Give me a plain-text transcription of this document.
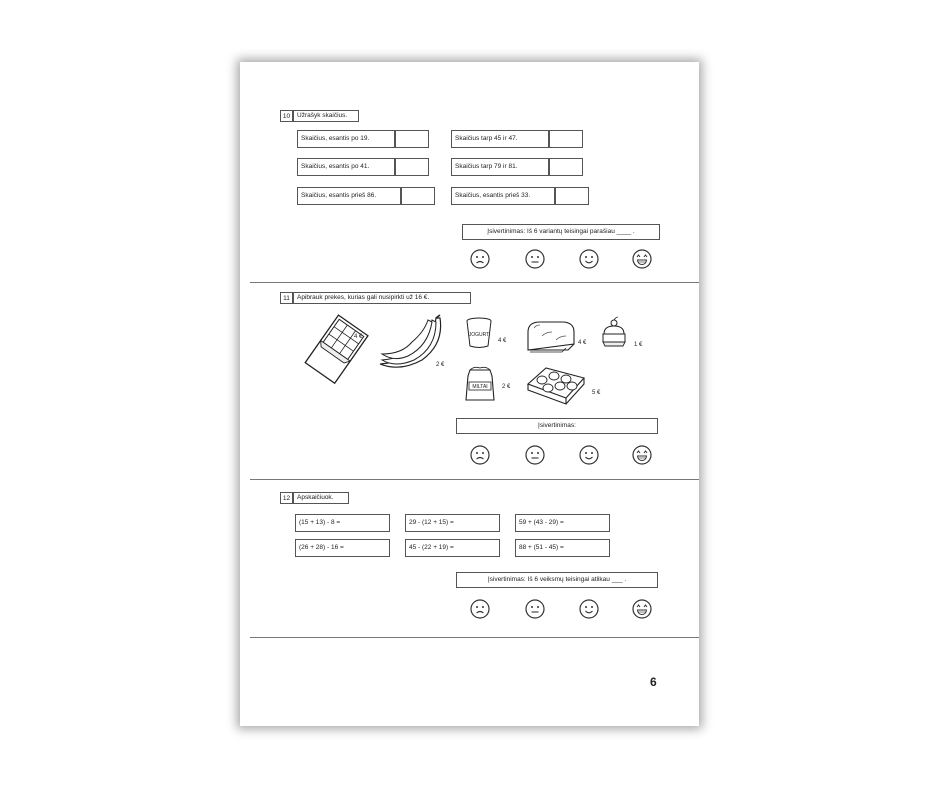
10	Užrašyk skaičius.
Skaičius, esantis po 19.	Skaičius tarp 45 ir 47.
Skaičius, esantis po 41.	Skaičius tarp 79 ir 81.
Skaičius, esantis prieš 86.	Skaičius, esantis prieš 33.
Įsivertinimas: Iš 6 variantų teisingai parašiau ____ .
11	Apibrauk prekes, kurias gali nusipirkti už 16 €.
4 €
2 €
JOGURT
4 €	4 €	1 €
MILTAI 2 €
5 €
Įsivertinimas:
12	Apskaičiuok.
(15 + 13) - 8 =	29 - (12 + 15) =	59 + (43 - 29) =
(26 + 28) - 16 =	45 - (22 + 19) =	88 + (51 - 45) =
Įsivertinimas: Iš 6 veiksmų teisingai atlikau ___ .
6
